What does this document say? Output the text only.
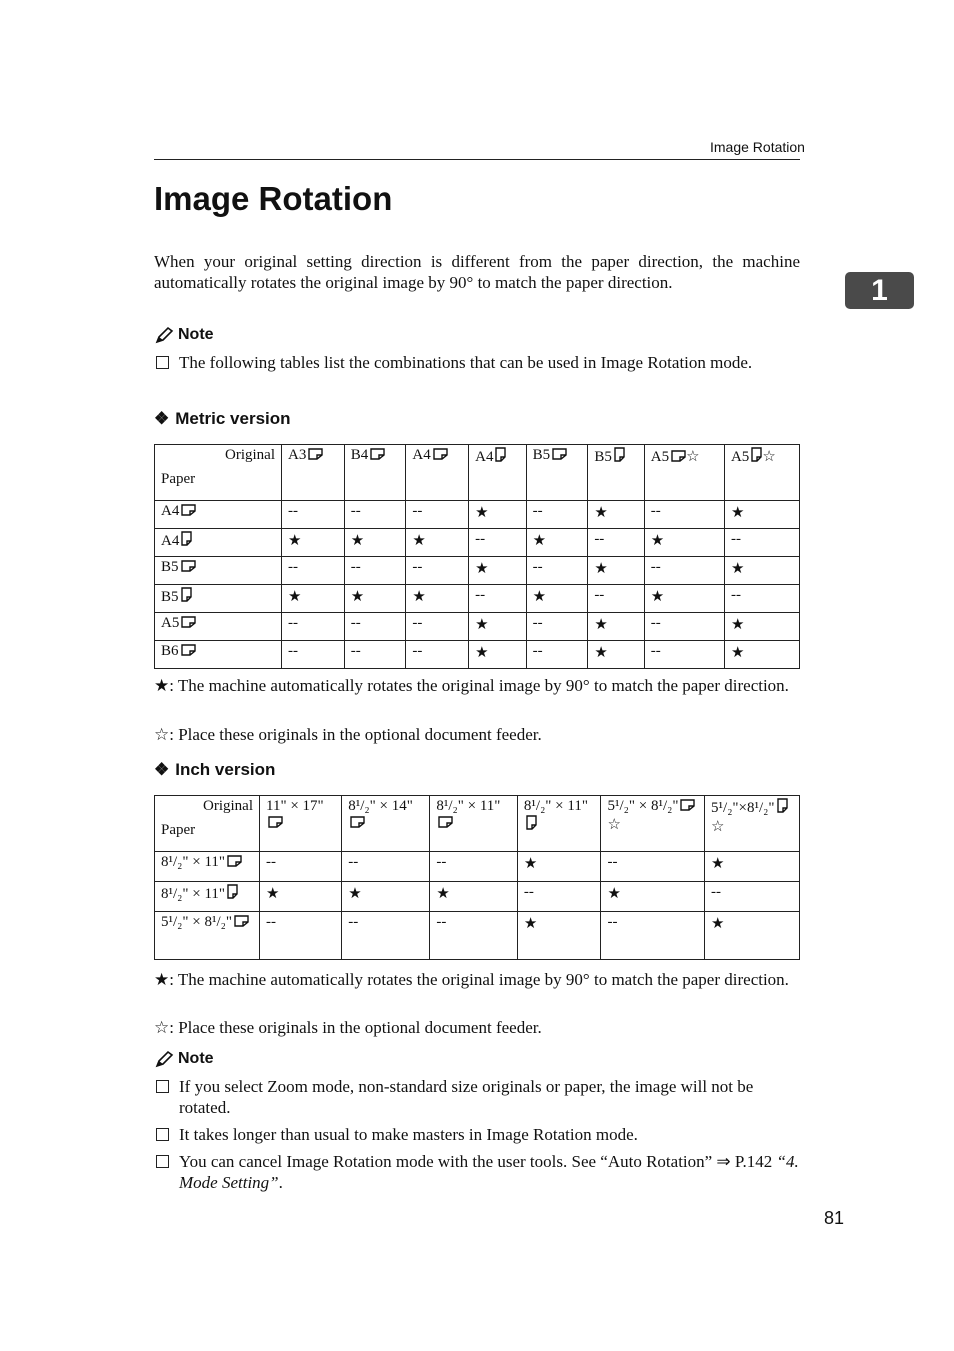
Image Rotation
Image Rotation
1

When your original setting direction is different from the paper direction, the machine automatically rotates the original image by 90° to match the paper direction.

Note
The following tables list the combinations that can be used in Image Rotation mode.
❖ Metric version
Original
Paper	A3	B4	A4	A4	B5	B5	A5 ☆	A5 ☆
A4	--	--	--	★	--	★	--	★
A4	★	★	★	--	★	--	★	--
B5	--	--	--	★	--	★	--	★
B5	★	★	★	--	★	--	★	--
A5	--	--	--	★	--	★	--	★
B6	--	--	--	★	--	★	--	★
★: The machine automatically rotates the original image by 90° to match the paper direction.
☆: Place these originals in the optional document feeder.
❖ Inch version
Original
Paper	11" × 17"	8¹/₂" × 14"	8¹/₂" × 11"	8¹/₂" × 11"	5¹/₂" × 8¹/₂"☆	5¹/₂"×8¹/₂"☆
8¹/₂" × 11"	--	--	--	★	--	★
8¹/₂" × 11"	★	★	★	--	★	--
5¹/₂" × 8¹/₂"	--	--	--	★	--	★
★: The machine automatically rotates the original image by 90° to match the paper direction.
☆: Place these originals in the optional document feeder.
Note
If you select Zoom mode, non-standard size originals or paper, the image will not be rotated.
It takes longer than usual to make masters in Image Rotation mode.
You can cancel Image Rotation mode with the user tools. See “Auto Rotation” ⇒ P.142 “4. Mode Setting”.
81
